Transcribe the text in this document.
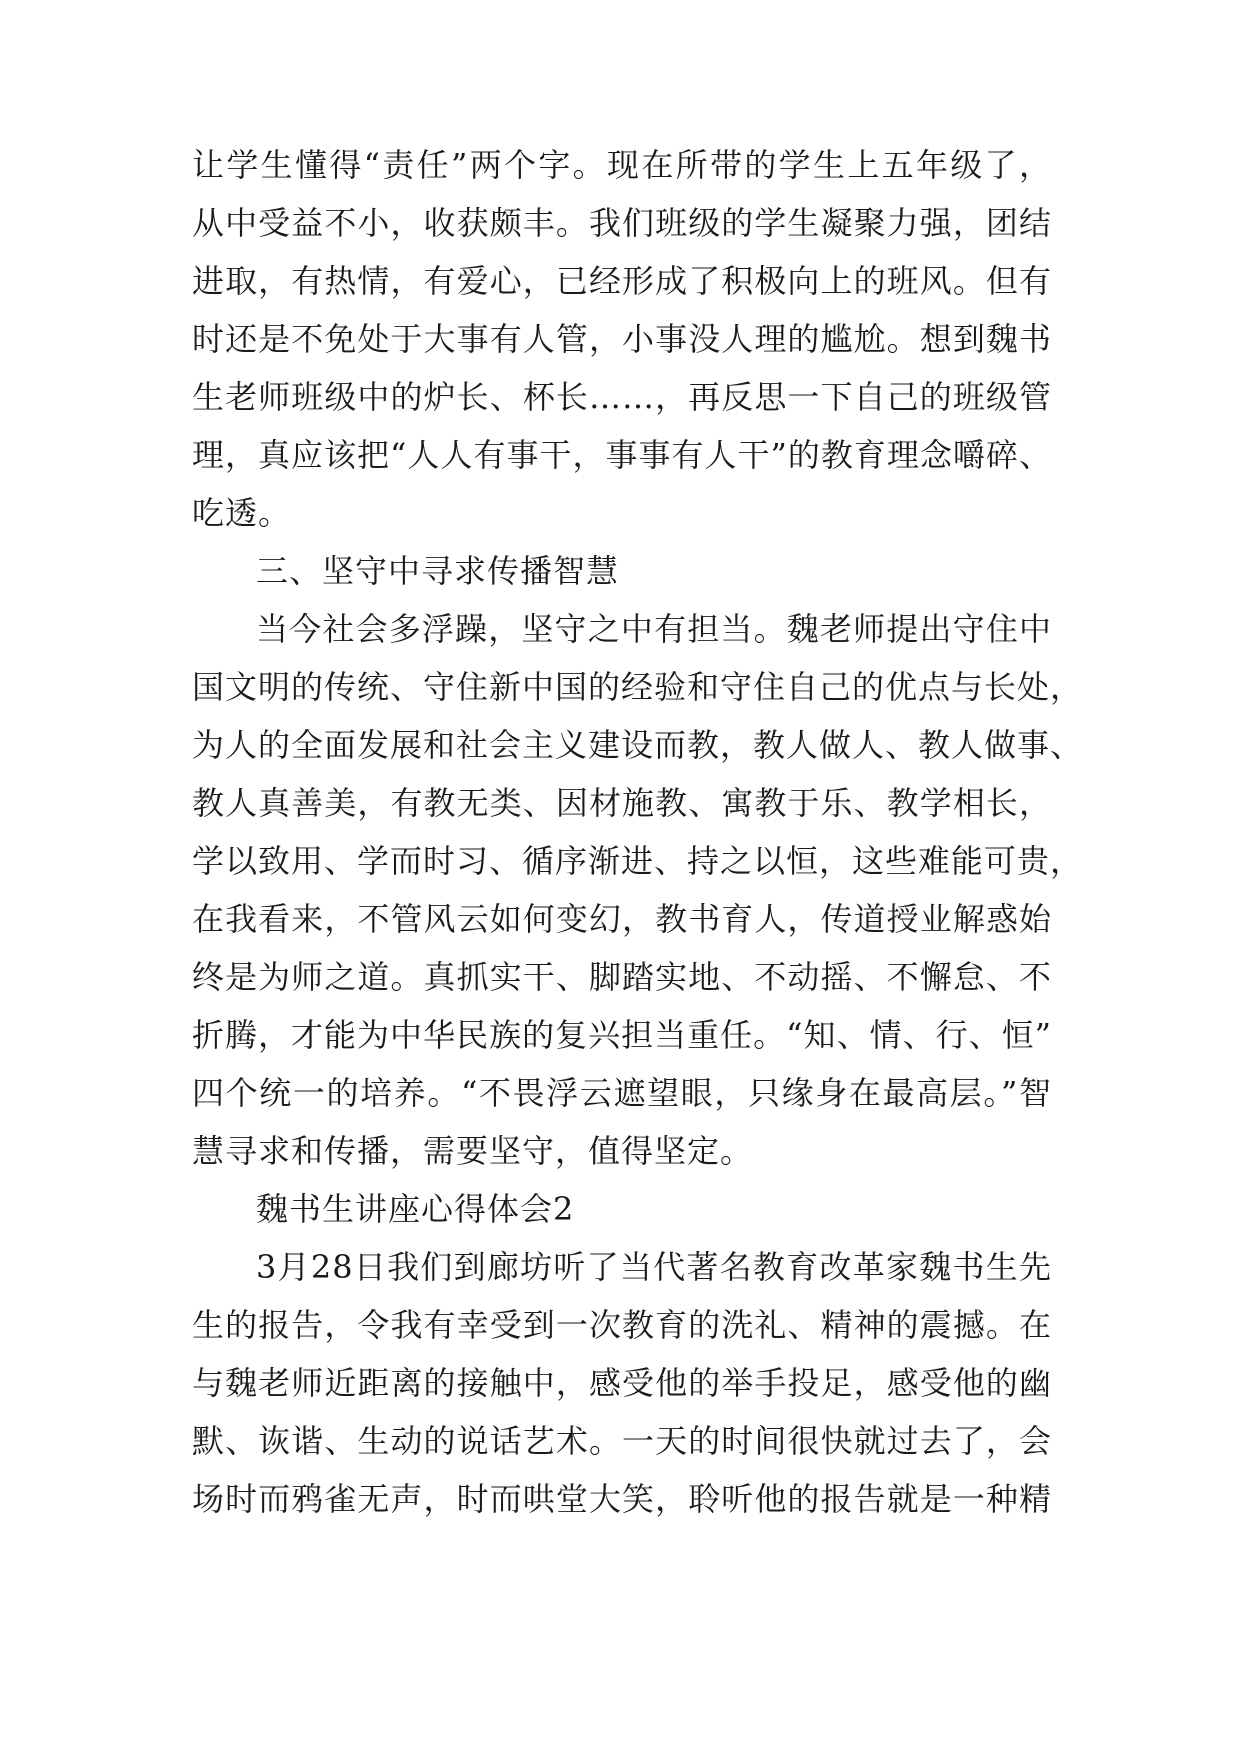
让学生懂得“责任”两个字。现在所带的学生上五年级了，
从中受益不小，收获颇丰。我们班级的学生凝聚力强，团结
进取，有热情，有爱心，已经形成了积极向上的班风。但有
时还是不免处于大事有人管，小事没人理的尴尬。想到魏书
生老师班级中的炉长、杯长……，再反思一下自己的班级管
理，真应该把“人人有事干，事事有人干”的教育理念嚼碎、
吃透。
三、坚守中寻求传播智慧
当今社会多浮躁，坚守之中有担当。魏老师提出守住中
国文明的传统、守住新中国的经验和守住自己的优点与长处，
为人的全面发展和社会主义建设而教，教人做人、教人做事、
教人真善美，有教无类、因材施教、寓教于乐、教学相长，
学以致用、学而时习、循序渐进、持之以恒，这些难能可贵，
在我看来，不管风云如何变幻，教书育人，传道授业解惑始
终是为师之道。真抓实干、脚踏实地、不动摇、不懈怠、不
折腾，才能为中华民族的复兴担当重任。“知、情、行、恒”
四个统一的培养。“不畏浮云遮望眼，只缘身在最高层。”智
慧寻求和传播，需要坚守，值得坚定。
魏书生讲座心得体会2
3月28日我们到廊坊听了当代著名教育改革家魏书生先
生的报告，令我有幸受到一次教育的洗礼、精神的震撼。在
与魏老师近距离的接触中，感受他的举手投足，感受他的幽
默、诙谐、生动的说话艺术。一天的时间很快就过去了，会
场时而鸦雀无声，时而哄堂大笑，聆听他的报告就是一种精
